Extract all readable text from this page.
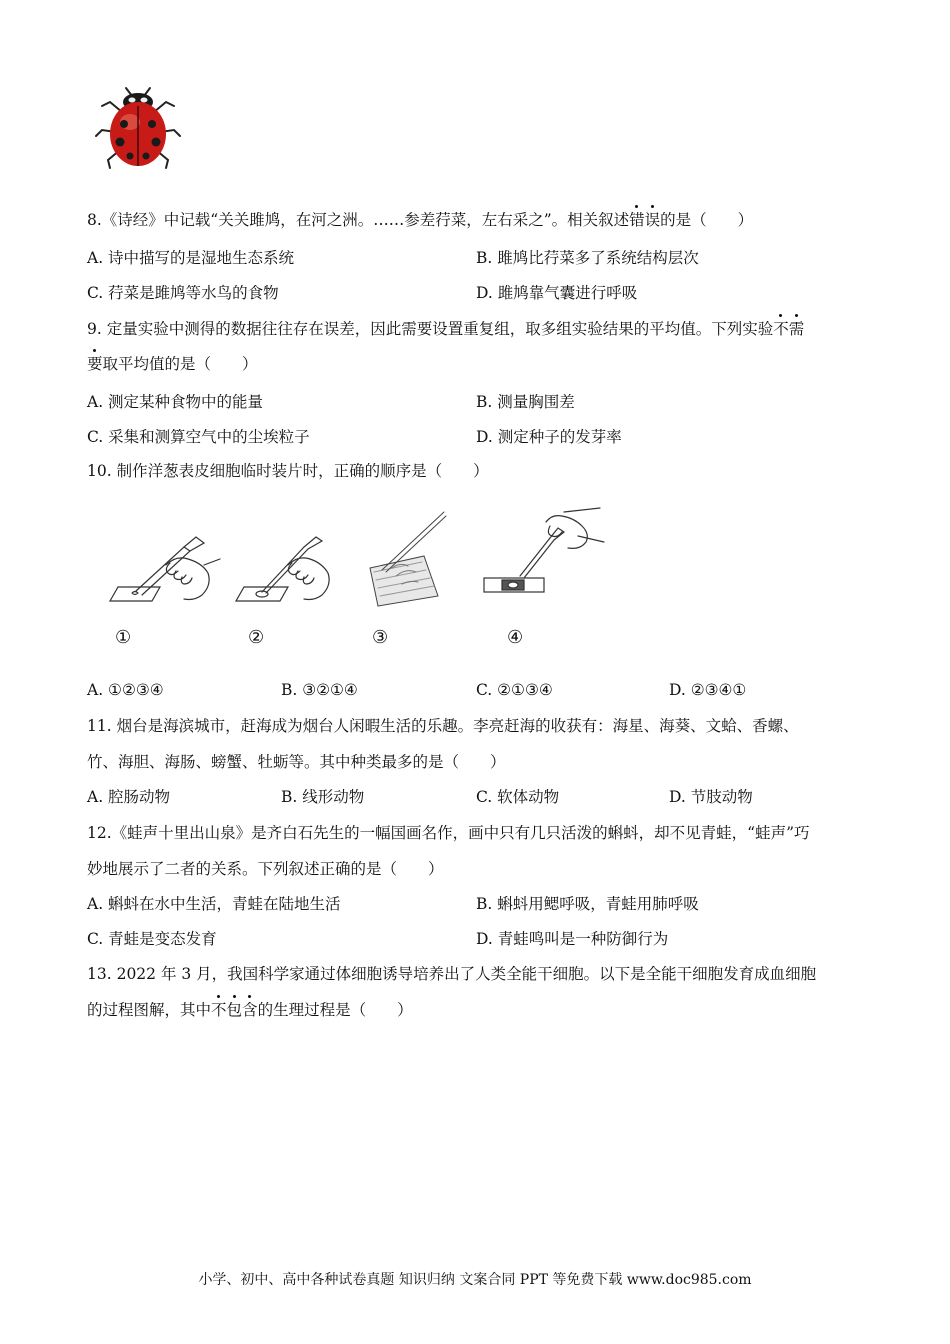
8.《诗经》中记载“关关雎鸠，在河之洲。……参差荇菜，左右采之”。相关叙述错误的是（　　）
A. 诗中描写的是湿地生态系统	B. 雎鸠比荇菜多了系统结构层次
C. 荇菜是雎鸠等水鸟的食物	D. 雎鸠靠气囊进行呼吸
9. 定量实验中测得的数据往往存在误差，因此需要设置重复组，取多组实验结果的平均值。下列实验不需
要取平均值的是（　　）
A. 测定某种食物中的能量	B. 测量胸围差
C. 采集和测算空气中的尘埃粒子	D. 测定种子的发芽率
10. 制作洋葱表皮细胞临时装片时，正确的顺序是（　　）
①	②	③	④
A. ①②③④	B. ③②①④	C. ②①③④	D. ②③④①
11. 烟台是海滨城市，赶海成为烟台人闲暇生活的乐趣。李亮赶海的收获有：海星、海葵、文蛤、香螺、
竹、海胆、海肠、螃蟹、牡蛎等。其中种类最多的是（　　）
A. 腔肠动物	B. 线形动物	C. 软体动物	D. 节肢动物
12.《蛙声十里出山泉》是齐白石先生的一幅国画名作，画中只有几只活泼的蝌蚪，却不见青蛙，“蛙声”巧
妙地展示了二者的关系。下列叙述正确的是（　　）
A. 蝌蚪在水中生活，青蛙在陆地生活	B. 蝌蚪用鳃呼吸，青蛙用肺呼吸
C. 青蛙是变态发育	D. 青蛙鸣叫是一种防御行为
13. 2022 年 3 月，我国科学家通过体细胞诱导培养出了人类全能干细胞。以下是全能干细胞发育成血细胞
的过程图解，其中不包含的生理过程是（　　）
小学、初中、高中各种试卷真题 知识归纳 文案合同 PPT 等免费下载 www.doc985.com
